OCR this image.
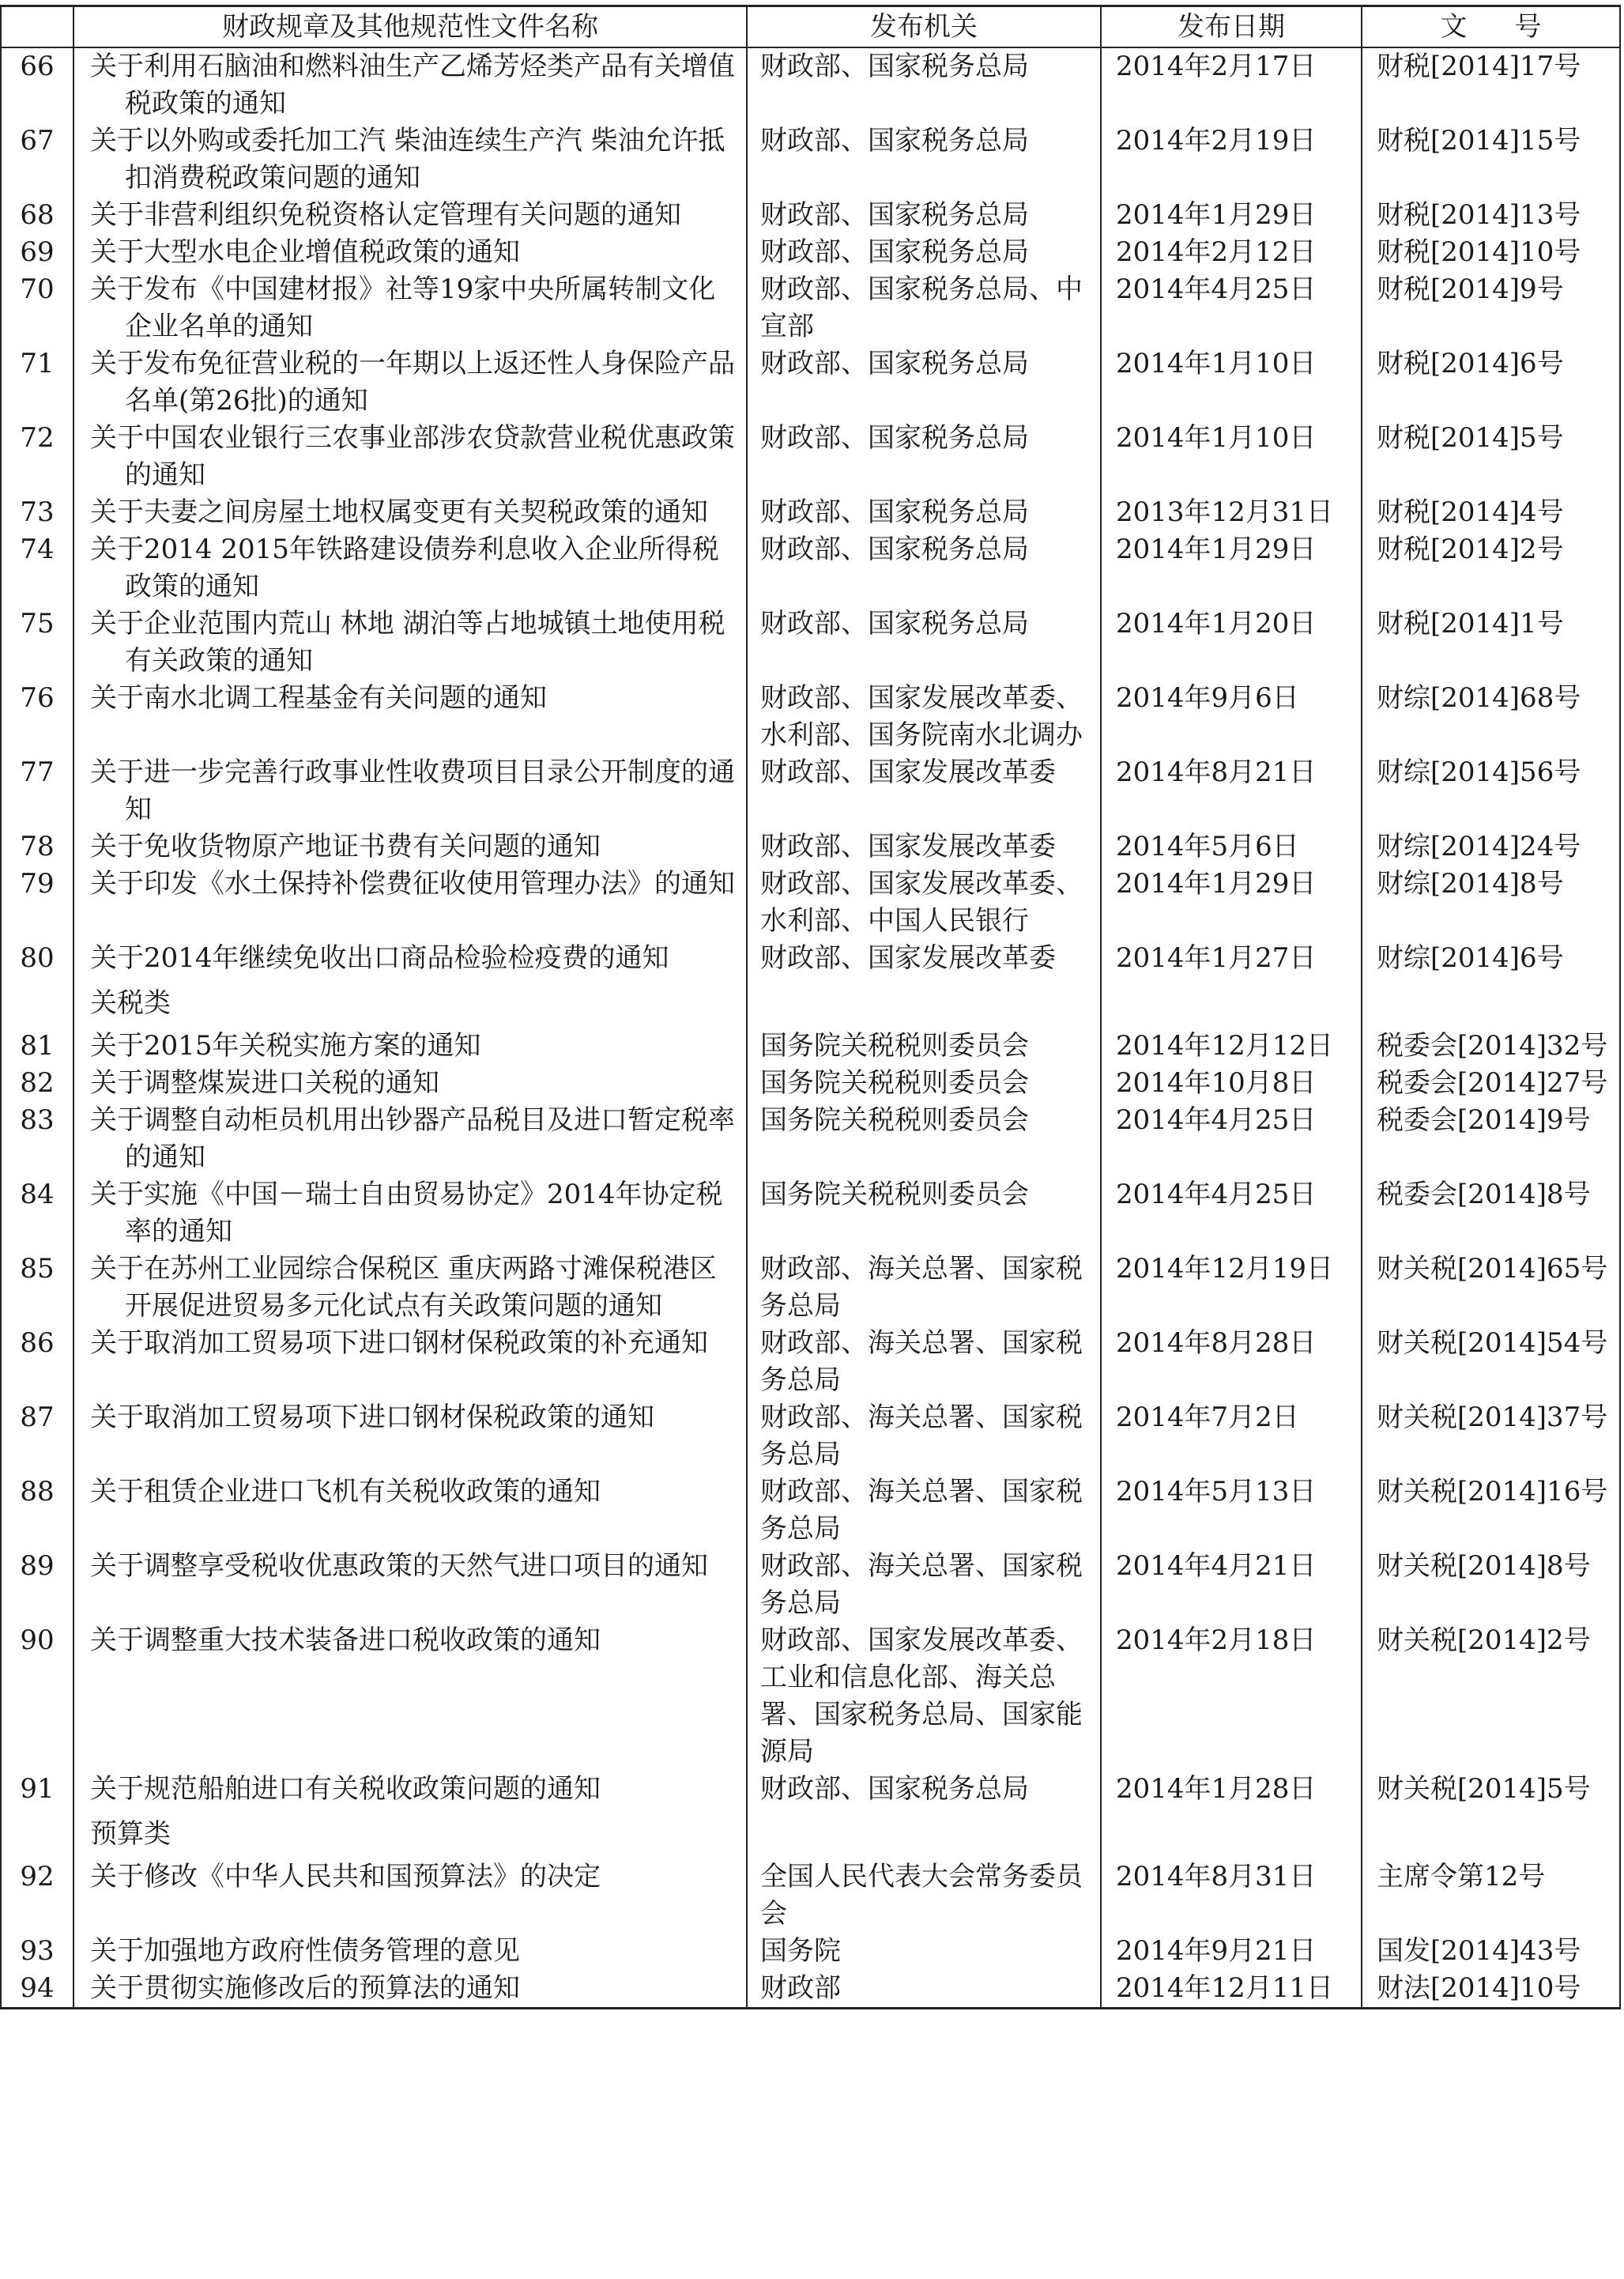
	财政规章及其他规范性文件名称	发布机关	发布日期	文号
66	关于利用石脑油和燃料油生产乙烯芳烃类产品有关增值税政策的通知	财政部、国家税务总局	2014年2月17日	财税[2014]17号
67	关于以外购或委托加工汽 柴油连续生产汽 柴油允许抵扣消费税政策问题的通知	财政部、国家税务总局	2014年2月19日	财税[2014]15号
68	关于非营利组织免税资格认定管理有关问题的通知	财政部、国家税务总局	2014年1月29日	财税[2014]13号
69	关于大型水电企业增值税政策的通知	财政部、国家税务总局	2014年2月12日	财税[2014]10号
70	关于发布《中国建材报》社等19家中央所属转制文化企业名单的通知	财政部、国家税务总局、中宣部	2014年4月25日	财税[2014]9号
71	关于发布免征营业税的一年期以上返还性人身保险产品名单(第26批)的通知	财政部、国家税务总局	2014年1月10日	财税[2014]6号
72	关于中国农业银行三农事业部涉农贷款营业税优惠政策的通知	财政部、国家税务总局	2014年1月10日	财税[2014]5号
73	关于夫妻之间房屋土地权属变更有关契税政策的通知	财政部、国家税务总局	2013年12月31日	财税[2014]4号
74	关于2014 2015年铁路建设债券利息收入企业所得税政策的通知	财政部、国家税务总局	2014年1月29日	财税[2014]2号
75	关于企业范围内荒山 林地 湖泊等占地城镇土地使用税有关政策的通知	财政部、国家税务总局	2014年1月20日	财税[2014]1号
76	关于南水北调工程基金有关问题的通知	财政部、国家发展改革委、水利部、国务院南水北调办	2014年9月6日	财综[2014]68号
77	关于进一步完善行政事业性收费项目目录公开制度的通知	财政部、国家发展改革委	2014年8月21日	财综[2014]56号
78	关于免收货物原产地证书费有关问题的通知	财政部、国家发展改革委	2014年5月6日	财综[2014]24号
79	关于印发《水土保持补偿费征收使用管理办法》的通知	财政部、国家发展改革委、水利部、中国人民银行	2014年1月29日	财综[2014]8号
80	关于2014年继续免收出口商品检验检疫费的通知	财政部、国家发展改革委	2014年1月27日	财综[2014]6号
	关税类			
81	关于2015年关税实施方案的通知	国务院关税税则委员会	2014年12月12日	税委会[2014]32号
82	关于调整煤炭进口关税的通知	国务院关税税则委员会	2014年10月8日	税委会[2014]27号
83	关于调整自动柜员机用出钞器产品税目及进口暂定税率的通知	国务院关税税则委员会	2014年4月25日	税委会[2014]9号
84	关于实施《中国－瑞士自由贸易协定》2014年协定税率的通知	国务院关税税则委员会	2014年4月25日	税委会[2014]8号
85	关于在苏州工业园综合保税区 重庆两路寸滩保税港区开展促进贸易多元化试点有关政策问题的通知	财政部、海关总署、国家税务总局	2014年12月19日	财关税[2014]65号
86	关于取消加工贸易项下进口钢材保税政策的补充通知	财政部、海关总署、国家税务总局	2014年8月28日	财关税[2014]54号
87	关于取消加工贸易项下进口钢材保税政策的通知	财政部、海关总署、国家税务总局	2014年7月2日	财关税[2014]37号
88	关于租赁企业进口飞机有关税收政策的通知	财政部、海关总署、国家税务总局	2014年5月13日	财关税[2014]16号
89	关于调整享受税收优惠政策的天然气进口项目的通知	财政部、海关总署、国家税务总局	2014年4月21日	财关税[2014]8号
90	关于调整重大技术装备进口税收政策的通知	财政部、国家发展改革委、工业和信息化部、海关总署、国家税务总局、国家能源局	2014年2月18日	财关税[2014]2号
91	关于规范船舶进口有关税收政策问题的通知	财政部、国家税务总局	2014年1月28日	财关税[2014]5号
	预算类			
92	关于修改《中华人民共和国预算法》的决定	全国人民代表大会常务委员会	2014年8月31日	主席令第12号
93	关于加强地方政府性债务管理的意见	国务院	2014年9月21日	国发[2014]43号
94	关于贯彻实施修改后的预算法的通知	财政部	2014年12月11日	财法[2014]10号
